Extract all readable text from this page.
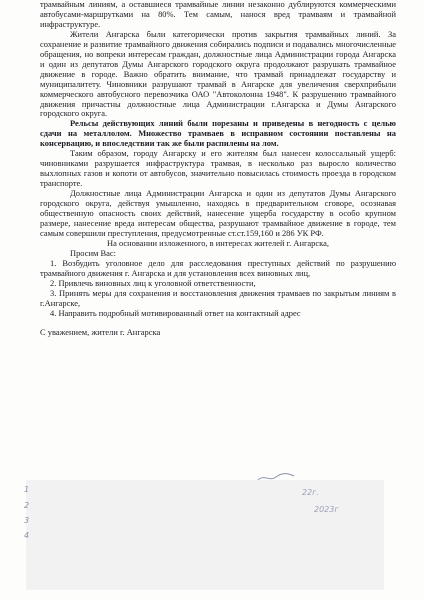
трамвайным линиям, а оставшиеся трамвайные линии незаконно дублируются коммерческими автобусами-маршрутками на 80%. Тем самым, нанося вред трамваям и трамвайной инфраструктуре.

Жители Ангарска были категорически против закрытия трамвайных линий. За сохранение и развитие трамвайного движения собирались подписи и подавались многочисленные обращения, но вопреки интересам граждан, должностные лица Администрации города Ангарска и один из депутатов Думы Ангарского городского округа продолжают разрушать трамвайное движение в городе. Важно обратить внимание, что трамвай принадлежат государству и муниципалитету. Чиновники разрушают трамвай в Ангарске для увеличения сверхприбыли коммерческого автобусного перевозчика ОАО "Автоколонна 1948". К разрушению трамвайного движения причастны должностные лица Администрации г.Ангарска и Думы Ангарского городского округа.

Рельсы действующих линий были порезаны и приведены в негодность с целью сдачи на металлолом. Множество трамваев в исправном состоянии поставлены на консервацию, и впоследствии так же были распилены на лом.

Таким образом, городу Ангарску и его жителям был нанесен колоссальный ущерб: чиновниками разрушается инфраструктура трамвая, в несколько раз выросло количество выхлопных газов и копоти от автобусов, значительно повысилась стоимость проезда в городском транспорте.

Должностные лица Администрации Ангарска и один из депутатов Думы Ангарского городского округа, действуя умышленно, находясь в предварительном сговоре, осознавая общественную опасность своих действий, нанесение ущерба государству в особо крупном размере, нанесение вреда интересам общества, разрушают трамвайное движение в городе, тем самым совершили преступления, предусмотренные ст.ст.159,160 и 286 УК РФ.

На основании изложенного, в интересах жителей г. Ангарска,

Просим Вас:

1. Возбудить уголовное дело для расследования преступных действий по разрушению трамвайного движения г. Ангарска и для установления всех виновных лиц,

2. Привлечь виновных лиц к уголовной ответственности,

3. Принять меры для сохранения и восстановления движения трамваев по закрытым линиям в г.Ангарске,

4. Направить подробный мотивированный ответ на контактный адрес

С уважением, жители г. Ангарска

1
2
3
4
22г.
2023г
